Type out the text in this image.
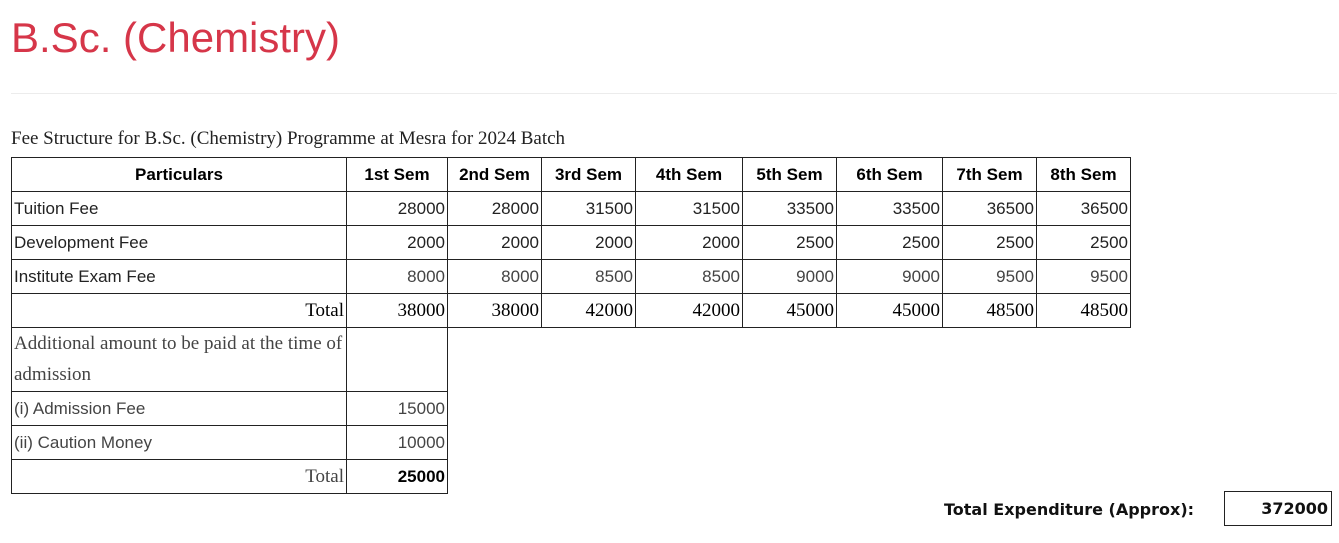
B.Sc. (Chemistry)
Fee Structure for B.Sc. (Chemistry) Programme at Mesra for 2024 Batch
Particulars	1st Sem	2nd Sem	3rd Sem	4th Sem	5th Sem	6th Sem	7th Sem	8th Sem
Tuition Fee	28000	28000	31500	31500	33500	33500	36500	36500
Development Fee	2000	2000	2000	2000	2500	2500	2500	2500
Institute Exam Fee	8000	8000	8500	8500	9000	9000	9500	9500
Total	38000	38000	42000	42000	45000	45000	48500	48500
Additional amount to be paid at the time of admission	
(i) Admission Fee	15000
(ii) Caution Money	10000
Total	25000
Total Expenditure (Approx):	372000
